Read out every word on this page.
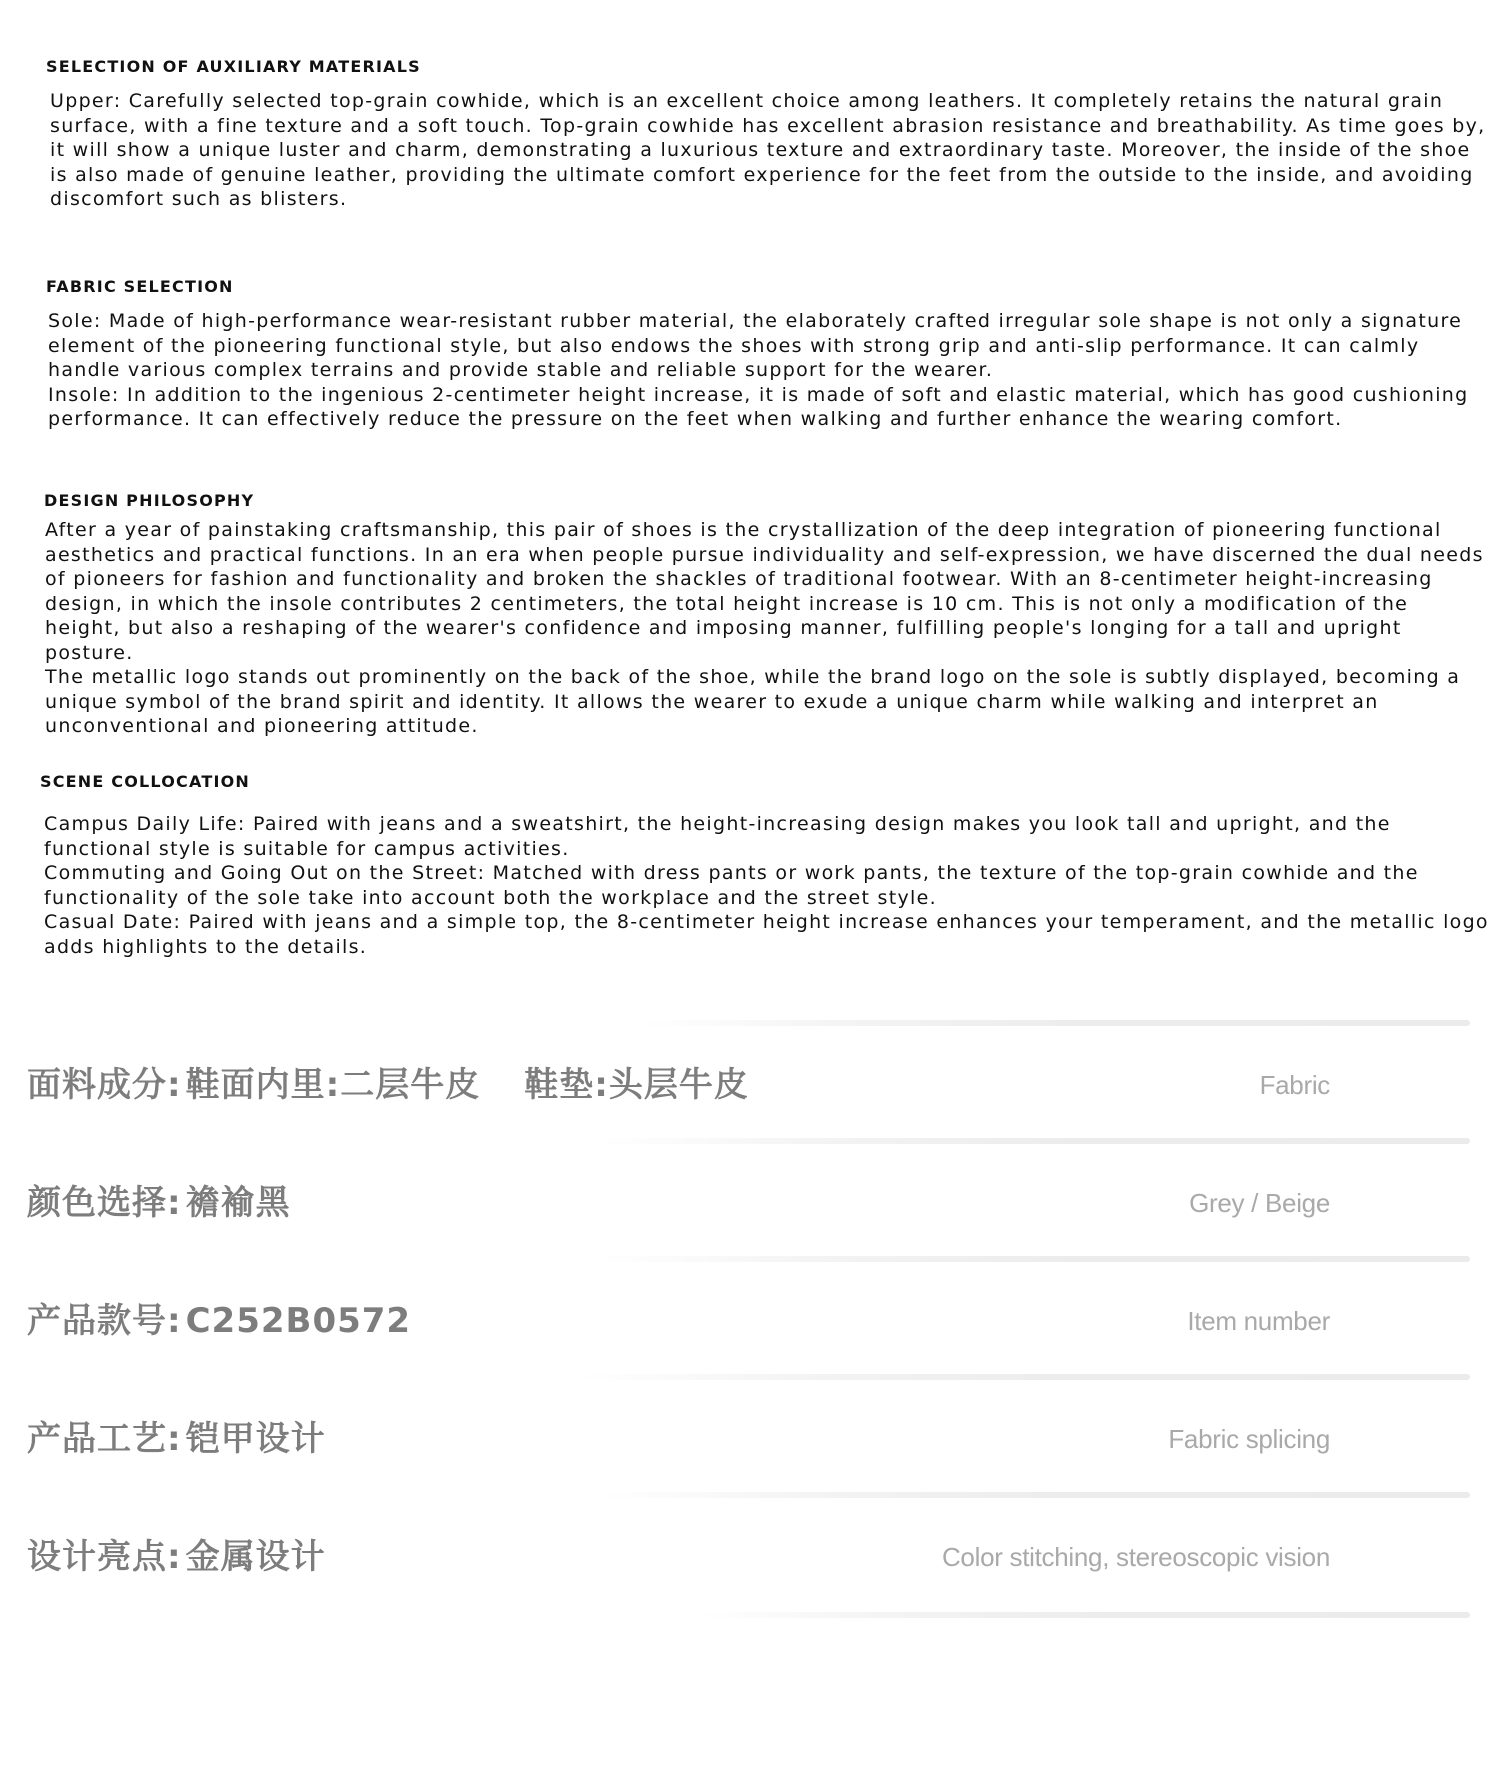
SELECTION OF AUXILIARY MATERIALS

Upper: Carefully selected top-grain cowhide, which is an excellent choice among leathers. It completely retains the natural grain surface, with a fine texture and a soft touch. Top-grain cowhide has excellent abrasion resistance and breathability. As time goes by, it will show a unique luster and charm, demonstrating a luxurious texture and extraordinary taste. Moreover, the inside of the shoe is also made of genuine leather, providing the ultimate comfort experience for the feet from the outside to the inside, and avoiding discomfort such as blisters.

FABRIC SELECTION

Sole: Made of high-performance wear-resistant rubber material, the elaborately crafted irregular sole shape is not only a signature element of the pioneering functional style, but also endows the shoes with strong grip and anti-slip performance. It can calmly handle various complex terrains and provide stable and reliable support for the wearer.

Insole: In addition to the ingenious 2-centimeter height increase, it is made of soft and elastic material, which has good cushioning performance. It can effectively reduce the pressure on the feet when walking and further enhance the wearing comfort.

DESIGN PHILOSOPHY

After a year of painstaking craftsmanship, this pair of shoes is the crystallization of the deep integration of pioneering functional aesthetics and practical functions. In an era when people pursue individuality and self-expression, we have discerned the dual needs of pioneers for fashion and functionality and broken the shackles of traditional footwear. With an 8-centimeter height-increasing design, in which the insole contributes 2 centimeters, the total height increase is 10 cm. This is not only a modification of the height, but also a reshaping of the wearer's confidence and imposing manner, fulfilling people's longing for a tall and upright posture.

The metallic logo stands out prominently on the back of the shoe, while the brand logo on the sole is subtly displayed, becoming a unique symbol of the brand spirit and identity. It allows the wearer to exude a unique charm while walking and interpret an unconventional and pioneering attitude.

SCENE COLLOCATION

Campus Daily Life: Paired with jeans and a sweatshirt, the height-increasing design makes you look tall and upright, and the functional style is suitable for campus activities.

Commuting and Going Out on the Street: Matched with dress pants or work pants, the texture of the top-grain cowhide and the functionality of the sole take into account both the workplace and the street style.

Casual Date: Paired with jeans and a simple top, the 8-centimeter height increase enhances your temperament, and the metallic logo adds highlights to the details.

面料成分: 鞋面内里:二层牛皮 鞋垫:头层牛皮	Fabric
颜色选择: 襜褕黑	Grey / Beige
产品款号: C252B0572	Item number
产品工艺: 铠甲设计	Fabric splicing
设计亮点: 金属设计	Color stitching, stereoscopic vision
